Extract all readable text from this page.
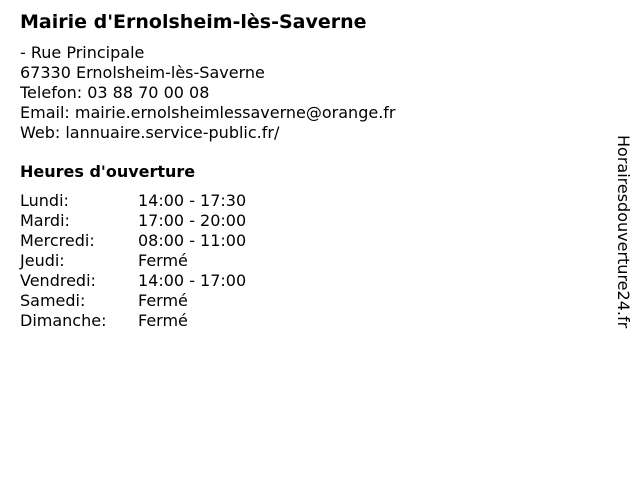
Mairie d'Ernolsheim-lès-Saverne
- Rue Principale
67330 Ernolsheim-lès-Saverne
Telefon: 03 88 70 00 08
Email: mairie.ernolsheimlessaverne@orange.fr
Web: lannuaire.service-public.fr/
Heures d'ouverture
Lundi:	14:00 - 17:30
Mardi:	17:00 - 20:00
Mercredi:	08:00 - 11:00
Jeudi:	Fermé
Vendredi:	14:00 - 17:00
Samedi:	Fermé
Dimanche:	Fermé	Horairesdouverture24.fr
